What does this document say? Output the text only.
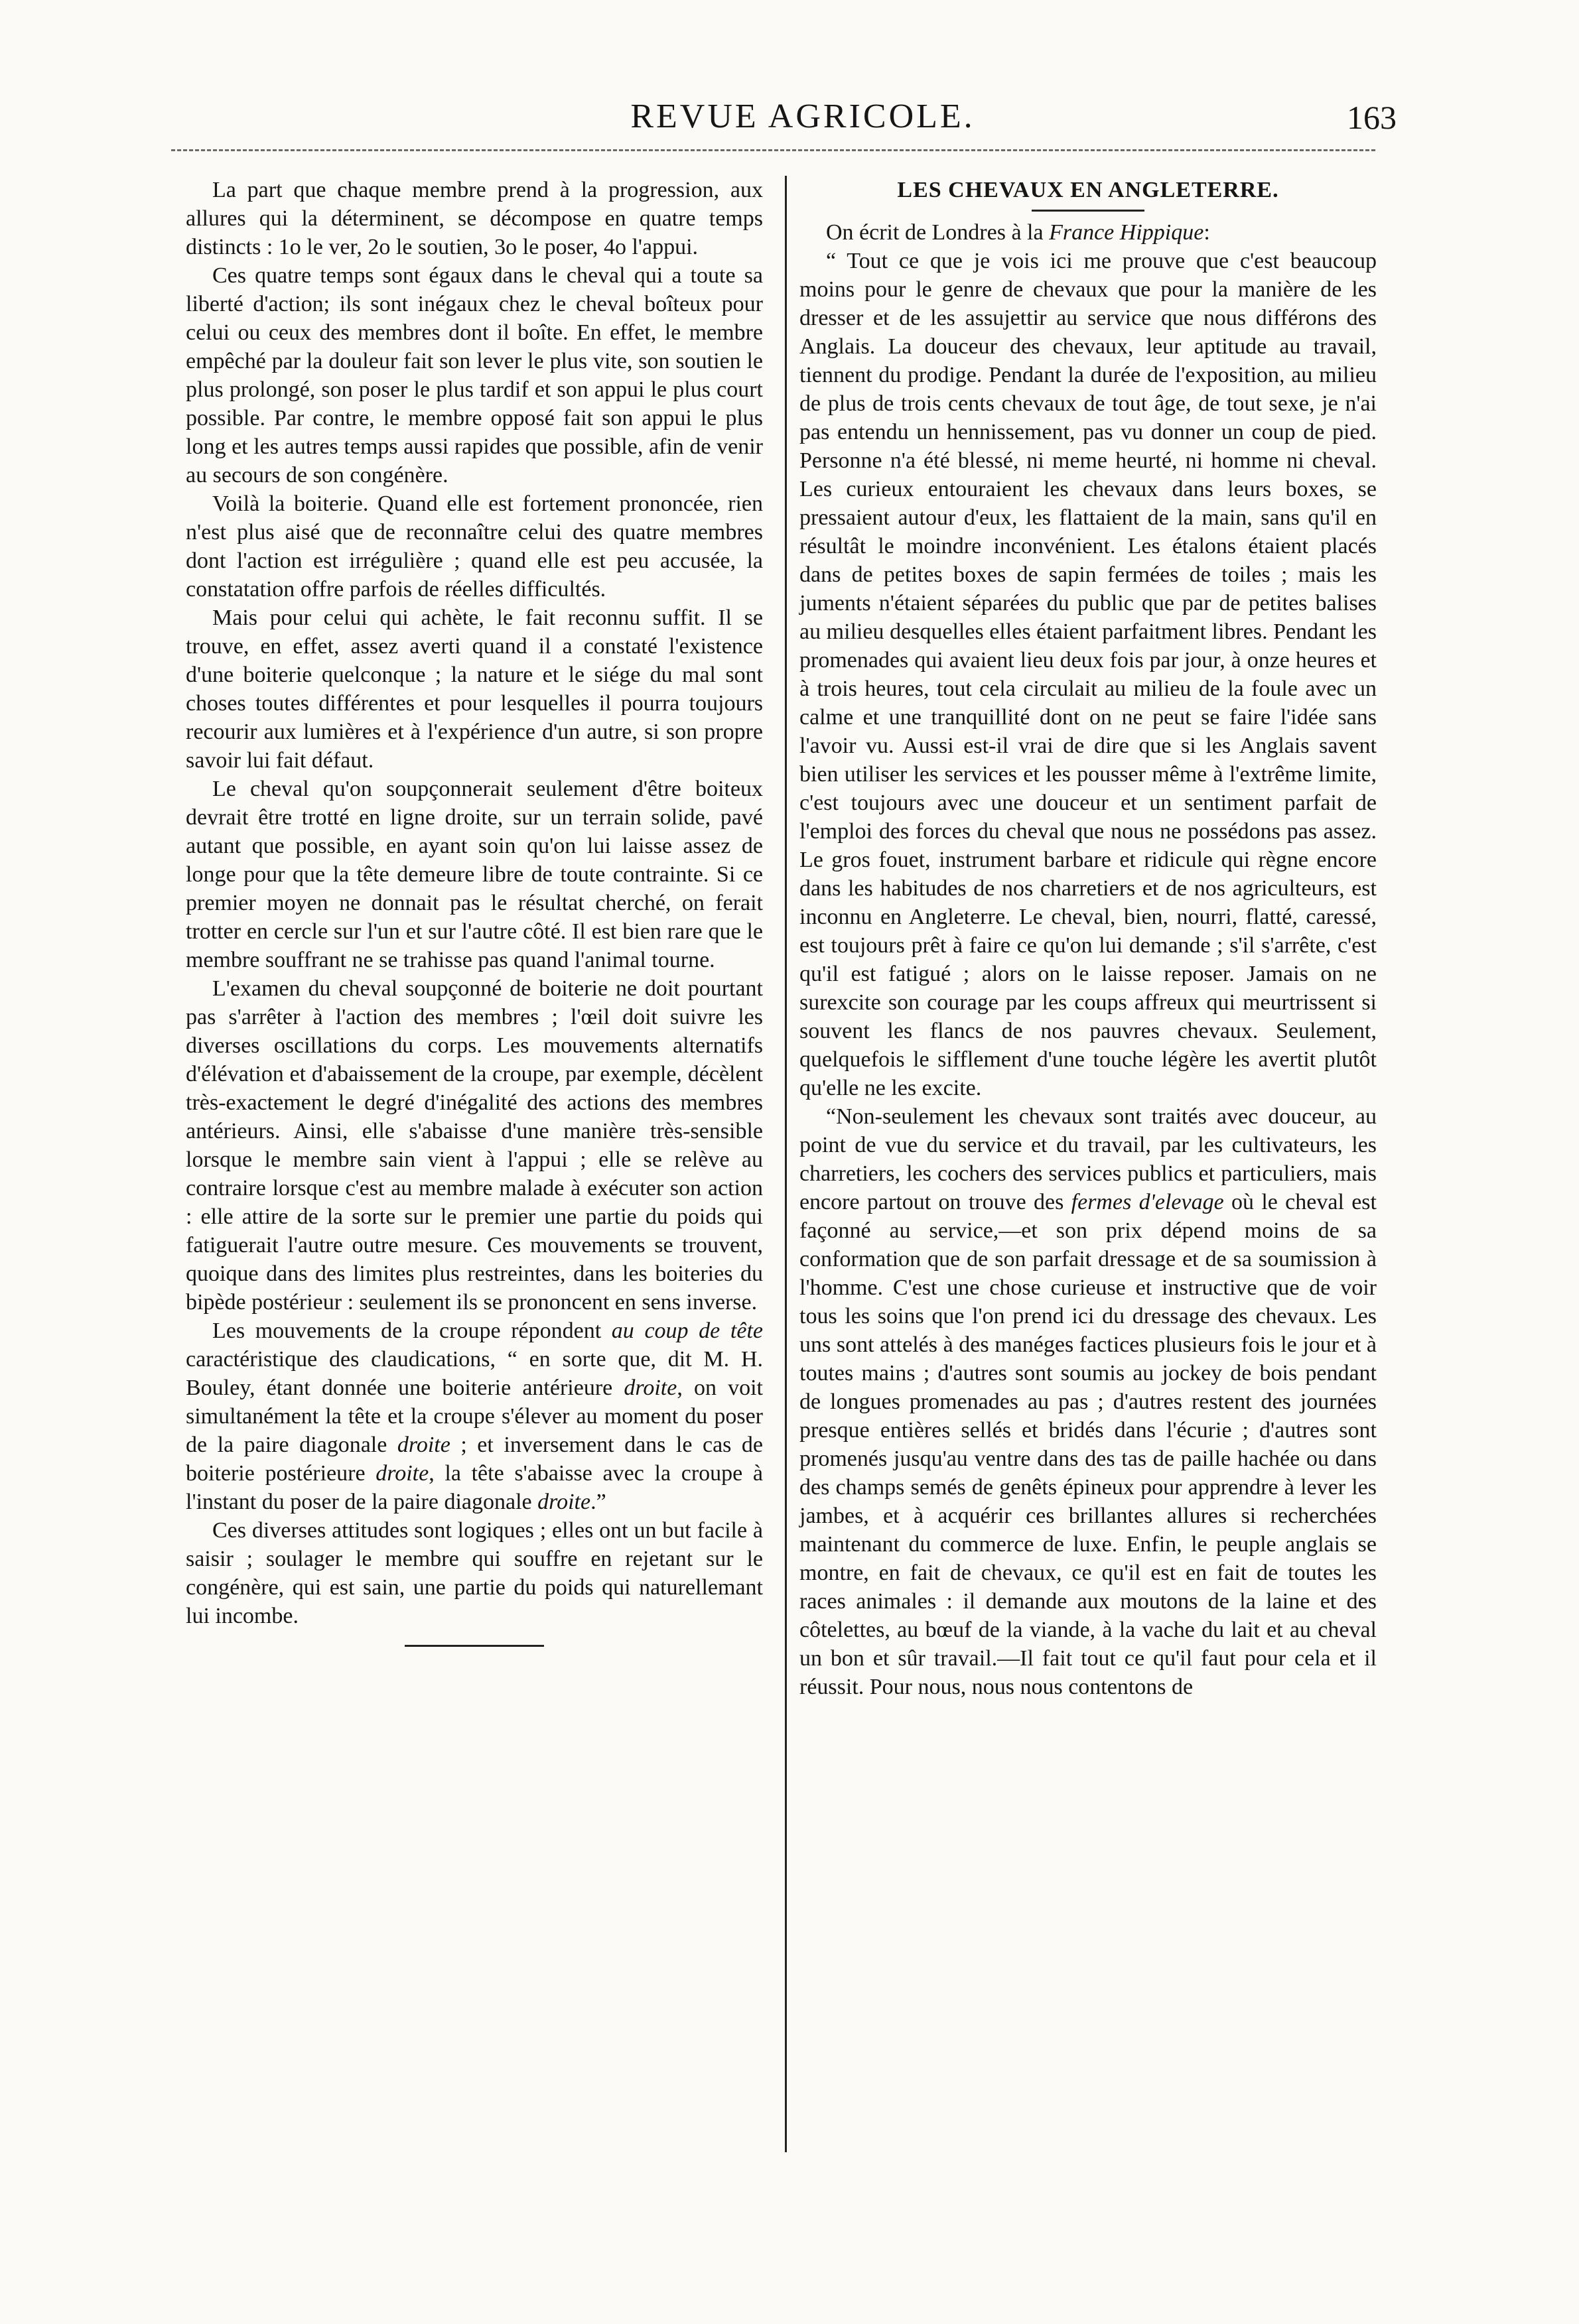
REVUE AGRICOLE.	163

La part que chaque membre prend à la progression, aux allures qui la déterminent, se décompose en quatre temps distincts : 1o le ver, 2o le soutien, 3o le poser, 4o l'appui.

Ces quatre temps sont égaux dans le cheval qui a toute sa liberté d'action; ils sont inégaux chez le cheval boîteux pour celui ou ceux des membres dont il boîte. En effet, le membre empêché par la douleur fait son lever le plus vite, son soutien le plus prolongé, son poser le plus tardif et son appui le plus court possible. Par contre, le membre opposé fait son appui le plus long et les autres temps aussi rapides que possible, afin de venir au secours de son congénère.

Voilà la boiterie. Quand elle est fortement prononcée, rien n'est plus aisé que de reconnaître celui des quatre membres dont l'action est irrégulière ; quand elle est peu accusée, la constatation offre parfois de réelles difficultés.

Mais pour celui qui achète, le fait reconnu suffit. Il se trouve, en effet, assez averti quand il a constaté l'existence d'une boiterie quelconque ; la nature et le siége du mal sont choses toutes différentes et pour lesquelles il pourra toujours recourir aux lumières et à l'expérience d'un autre, si son propre savoir lui fait défaut.

Le cheval qu'on soupçonnerait seulement d'être boiteux devrait être trotté en ligne droite, sur un terrain solide, pavé autant que possible, en ayant soin qu'on lui laisse assez de longe pour que la tête demeure libre de toute contrainte. Si ce premier moyen ne donnait pas le résultat cherché, on ferait trotter en cercle sur l'un et sur l'autre côté. Il est bien rare que le membre souffrant ne se trahisse pas quand l'animal tourne.

L'examen du cheval soupçonné de boiterie ne doit pourtant pas s'arrêter à l'action des membres ; l'œil doit suivre les diverses oscillations du corps. Les mouvements alternatifs d'élévation et d'abaissement de la croupe, par exemple, décèlent très-exactement le degré d'inégalité des actions des membres antérieurs. Ainsi, elle s'abaisse d'une manière très-sensible lorsque le membre sain vient à l'appui ; elle se relève au contraire lorsque c'est au membre malade à exécuter son action : elle attire de la sorte sur le premier une partie du poids qui fatiguerait l'autre outre mesure. Ces mouvements se trouvent, quoique dans des limites plus restreintes, dans les boiteries du bipède postérieur : seulement ils se prononcent en sens inverse.

Les mouvements de la croupe répondent au coup de tête caractéristique des claudications, “ en sorte que, dit M. H. Bouley, étant donnée une boiterie antérieure droite, on voit simultanément la tête et la croupe s'élever au moment du poser de la paire diagonale droite ; et inversement dans le cas de boiterie postérieure droite, la tête s'abaisse avec la croupe à l'instant du poser de la paire diagonale droite.”

Ces diverses attitudes sont logiques ; elles ont un but facile à saisir ; soulager le membre qui souffre en rejetant sur le congénère, qui est sain, une partie du poids qui naturellemant lui incombe.

LES CHEVAUX EN ANGLETERRE.

On écrit de Londres à la France Hippique:

“ Tout ce que je vois ici me prouve que c'est beaucoup moins pour le genre de chevaux que pour la manière de les dresser et de les assujettir au service que nous différons des Anglais. La douceur des chevaux, leur aptitude au travail, tiennent du prodige. Pendant la durée de l'exposition, au milieu de plus de trois cents chevaux de tout âge, de tout sexe, je n'ai pas entendu un hennissement, pas vu donner un coup de pied. Personne n'a été blessé, ni meme heurté, ni homme ni cheval. Les curieux entouraient les chevaux dans leurs boxes, se pressaient autour d'eux, les flattaient de la main, sans qu'il en résultât le moindre inconvénient. Les étalons étaient placés dans de petites boxes de sapin fermées de toiles ; mais les juments n'étaient séparées du public que par de petites balises au milieu desquelles elles étaient parfaitment libres. Pendant les promenades qui avaient lieu deux fois par jour, à onze heures et à trois heures, tout cela circulait au milieu de la foule avec un calme et une tranquillité dont on ne peut se faire l'idée sans l'avoir vu. Aussi est-il vrai de dire que si les Anglais savent bien utiliser les services et les pousser même à l'extrême limite, c'est toujours avec une douceur et un sentiment parfait de l'emploi des forces du cheval que nous ne possédons pas assez. Le gros fouet, instrument barbare et ridicule qui règne encore dans les habitudes de nos charretiers et de nos agriculteurs, est inconnu en Angleterre. Le cheval, bien, nourri, flatté, caressé, est toujours prêt à faire ce qu'on lui demande ; s'il s'arrête, c'est qu'il est fatigué ; alors on le laisse reposer. Jamais on ne surexcite son courage par les coups affreux qui meurtrissent si souvent les flancs de nos pauvres chevaux. Seulement, quelquefois le sifflement d'une touche légère les avertit plutôt qu'elle ne les excite.

“Non-seulement les chevaux sont traités avec douceur, au point de vue du service et du travail, par les cultivateurs, les charretiers, les cochers des services publics et particuliers, mais encore partout on trouve des fermes d'elevage où le cheval est façonné au service,—et son prix dépend moins de sa conformation que de son parfait dressage et de sa soumission à l'homme. C'est une chose curieuse et instructive que de voir tous les soins que l'on prend ici du dressage des chevaux. Les uns sont attelés à des manéges factices plusieurs fois le jour et à toutes mains ; d'autres sont soumis au jockey de bois pendant de longues promenades au pas ; d'autres restent des journées presque entières sellés et bridés dans l'écurie ; d'autres sont promenés jusqu'au ventre dans des tas de paille hachée ou dans des champs semés de genêts épineux pour apprendre à lever les jambes, et à acquérir ces brillantes allures si recherchées maintenant du commerce de luxe. Enfin, le peuple anglais se montre, en fait de chevaux, ce qu'il est en fait de toutes les races animales : il demande aux moutons de la laine et des côtelettes, au bœuf de la viande, à la vache du lait et au cheval un bon et sûr travail.—Il fait tout ce qu'il faut pour cela et il réussit. Pour nous, nous nous contentons de
